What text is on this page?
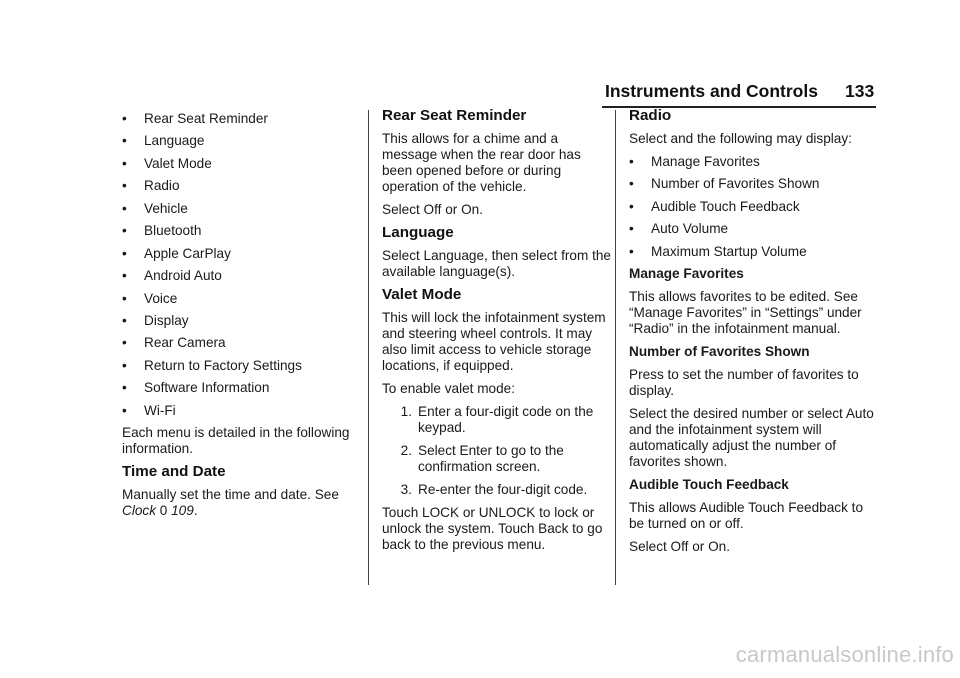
Instruments and Controls 133
•	Rear Seat Reminder
•	Language
•	Valet Mode
•	Radio
•	Vehicle
•	Bluetooth
•	Apple CarPlay
•	Android Auto
•	Voice
•	Display
•	Rear Camera
•	Return to Factory Settings
•	Software Information
•	Wi-Fi

Each menu is detailed in the following information.

Time and Date

Manually set the time and date. See
Clock 0 109.

Rear Seat Reminder

This allows for a chime and a message when the rear door has been opened before or during operation of the vehicle.

Select Off or On.

Language

Select Language, then select from the available language(s).

Valet Mode

This will lock the infotainment system and steering wheel controls. It may also limit access to vehicle storage locations, if equipped.

To enable valet mode:

1. Enter a four-digit code on the keypad.
2. Select Enter to go to the confirmation screen.
3. Re-enter the four-digit code.

Touch LOCK or UNLOCK to lock or unlock the system. Touch Back to go back to the previous menu.

Radio

Select and the following may display:

•	Manage Favorites
•	Number of Favorites Shown
•	Audible Touch Feedback
•	Auto Volume
•	Maximum Startup Volume
Manage Favorites

This allows favorites to be edited. See “Manage Favorites” in “Settings” under “Radio” in the infotainment manual.

Number of Favorites Shown

Press to set the number of favorites to display.

Select the desired number or select Auto and the infotainment system will automatically adjust the number of favorites shown.

Audible Touch Feedback

This allows Audible Touch Feedback to be turned on or off.

Select Off or On.

carmanualsonline.info
